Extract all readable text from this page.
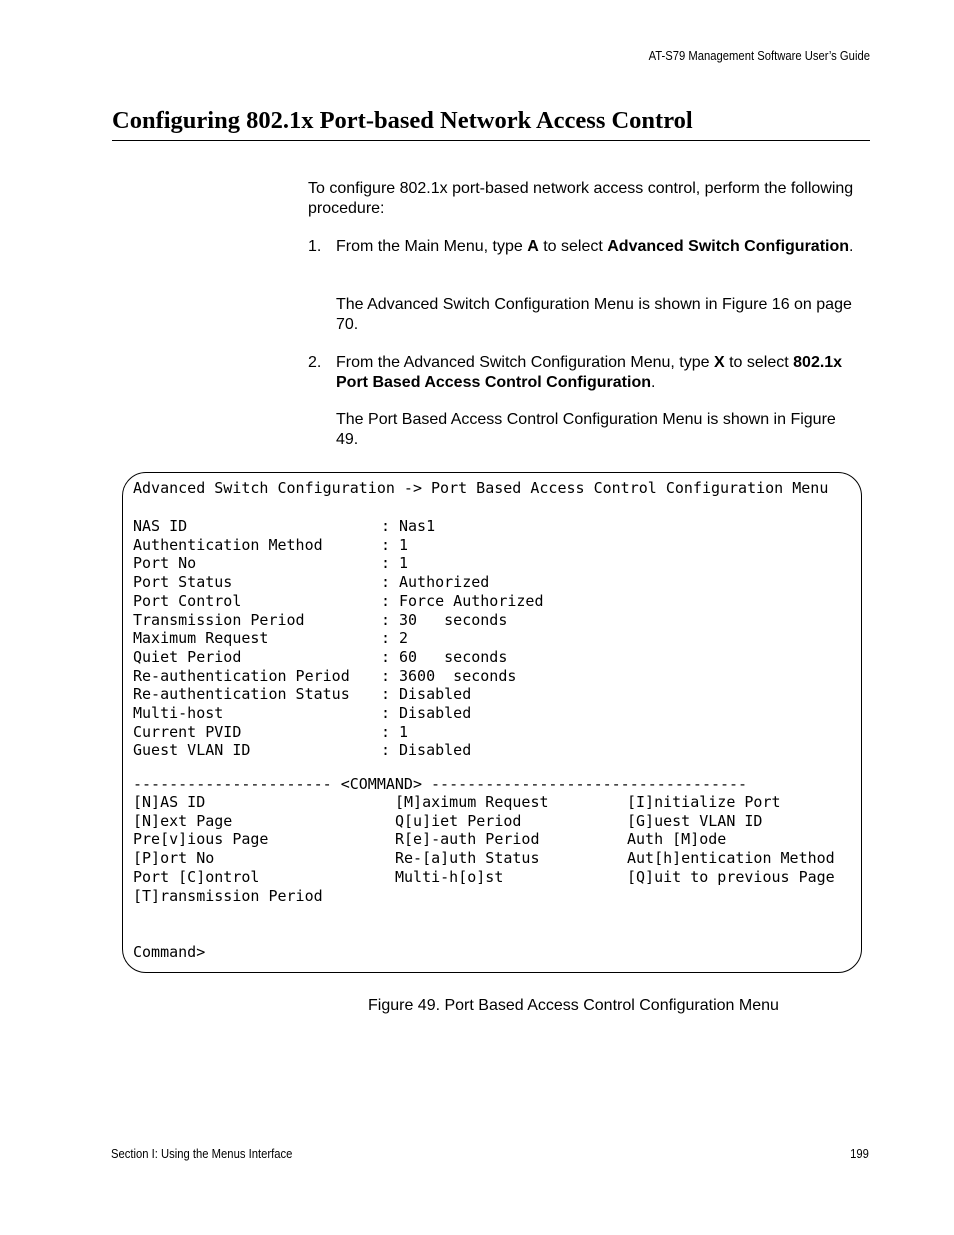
AT-S79 Management Software User’s Guide
Configuring 802.1x Port-based Network Access Control
To configure 802.1x port-based network access control, perform the following procedure:
1. From the Main Menu, type A to select Advanced Switch Configuration.
The Advanced Switch Configuration Menu is shown in Figure 16 on page 70.
2. From the Advanced Switch Configuration Menu, type X to select 802.1x Port Based Access Control Configuration.
The Port Based Access Control Configuration Menu is shown in Figure 49.
Advanced Switch Configuration -> Port Based Access Control Configuration Menu
NAS ID	: Nas1
Authentication Method	: 1
Port No	: 1
Port Status	: Authorized
Port Control	: Force Authorized
Transmission Period	: 30   seconds
Maximum Request	: 2
Quiet Period	: 60   seconds
Re-authentication Period : 3600  seconds
Re-authentication Status : Disabled
Multi-host	: Disabled
Current PVID	: 1
Guest VLAN ID	: Disabled
---------------------- <COMMAND> -----------------------------------
[N]AS ID	[M]aximum Request	[I]nitialize Port
[N]ext Page	Q[u]iet Period	[G]uest VLAN ID
Pre[v]ious Page	R[e]-auth Period	Auth [M]ode
[P]ort No	Re-[a]uth Status	Aut[h]entication Method
Port [C]ontrol	Multi-h[o]st	[Q]uit to previous Page
[T]ransmission Period
Command>
Figure 49. Port Based Access Control Configuration Menu
Section I: Using the Menus Interface	199
